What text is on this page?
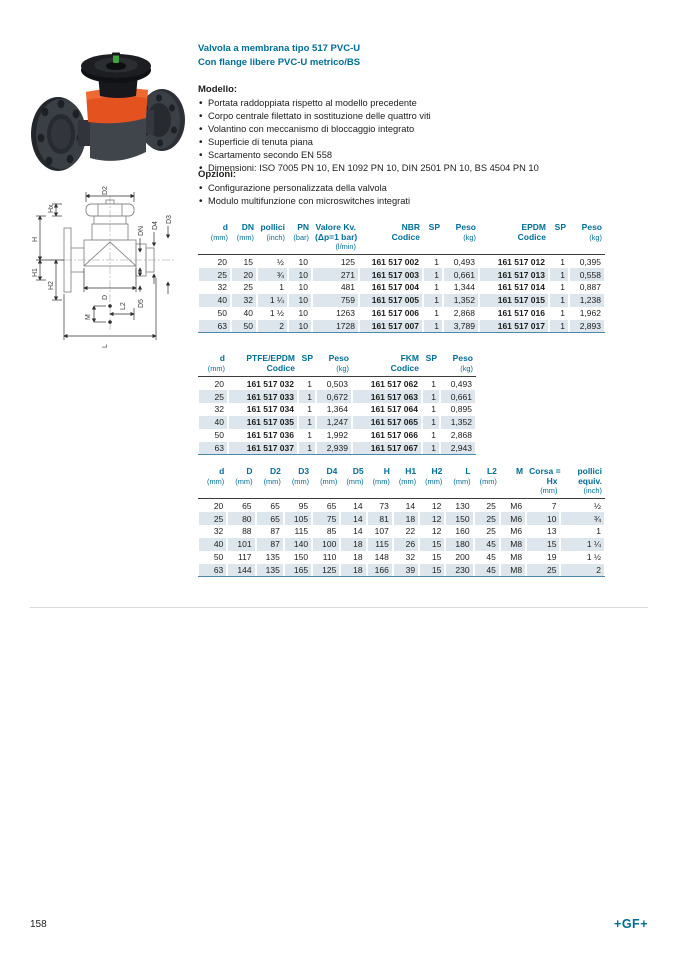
Hx
H
H1
H2
D2
DN
D4
D3
D5
D
L2
M
L
Valvola a membrana tipo 517 PVC-U
Con flange libere PVC-U metrico/BS
Modello:
• Portata raddoppiata rispetto al modello precedente
• Corpo centrale filettato in sostituzione delle quattro viti
• Volantino con meccanismo di bloccaggio integrato
• Superficie di tenuta piana
• Scartamento secondo EN 558
• Dimensioni: ISO 7005 PN 10, EN 1092 PN 10, DIN 2501 PN 10, BS 4504 PN 10
Opzioni:
• Configurazione personalizzata della valvola
• Modulo multifunzione con microswitches integrati
d
(mm)

DN
(mm)

pollici
(inch)

PN
(bar)

Valore Kv.
(Δp=1 bar)
(l/min)

NBR
Codice

SP	Peso
(kg)

EPDM
Codice

SP	Peso
(kg)

20	15	½	10	125	161 517 002	1	0,493	161 517 012	1	0,395
25	20	¾	10	271	161 517 003	1	0,661	161 517 013	1	0,558
32	25	1	10	481	161 517 004	1	1,344	161 517 014	1	0,887
40	32	1 ¼	10	759	161 517 005	1	1,352	161 517 015	1	1,238
50	40	1 ½	10	1263	161 517 006	1	2,868	161 517 016	1	1,962
63	50	2	10	1728	161 517 007	1	3,789	161 517 017	1	2,893
d
(mm)

PTFE/EPDM
Codice

SP	Peso
(kg)

FKM
Codice

SP	Peso
(kg)

20	161 517 032	1	0,503	161 517 062	1	0,493
25	161 517 033	1	0,672	161 517 063	1	0,661
32	161 517 034	1	1,364	161 517 064	1	0,895
40	161 517 035	1	1,247	161 517 065	1	1,352
50	161 517 036	1	1,992	161 517 066	1	2,868
63	161 517 037	1	2,939	161 517 067	1	2,943
d
(mm)

D
(mm)

D2
(mm)

D3
(mm)

D4
(mm)

D5
(mm)

H
(mm)

H1
(mm)

H2
(mm)

L
(mm)

L2
(mm)

M	Corsa =
Hx
(mm)

pollici
equiv.
(inch)

20	65	65	95	65	14	73	14	12	130	25	M6	7	½
25	80	65	105	75	14	81	18	12	150	25	M6	10	¾
32	88	87	115	85	14	107	22	12	160	25	M6	13	1
40	101	87	140	100	18	115	26	15	180	45	M8	15	1 ¼
50	117	135	150	110	18	148	32	15	200	45	M8	19	1 ½
63	144	135	165	125	18	166	39	15	230	45	M8	25	2
158	+GF+
